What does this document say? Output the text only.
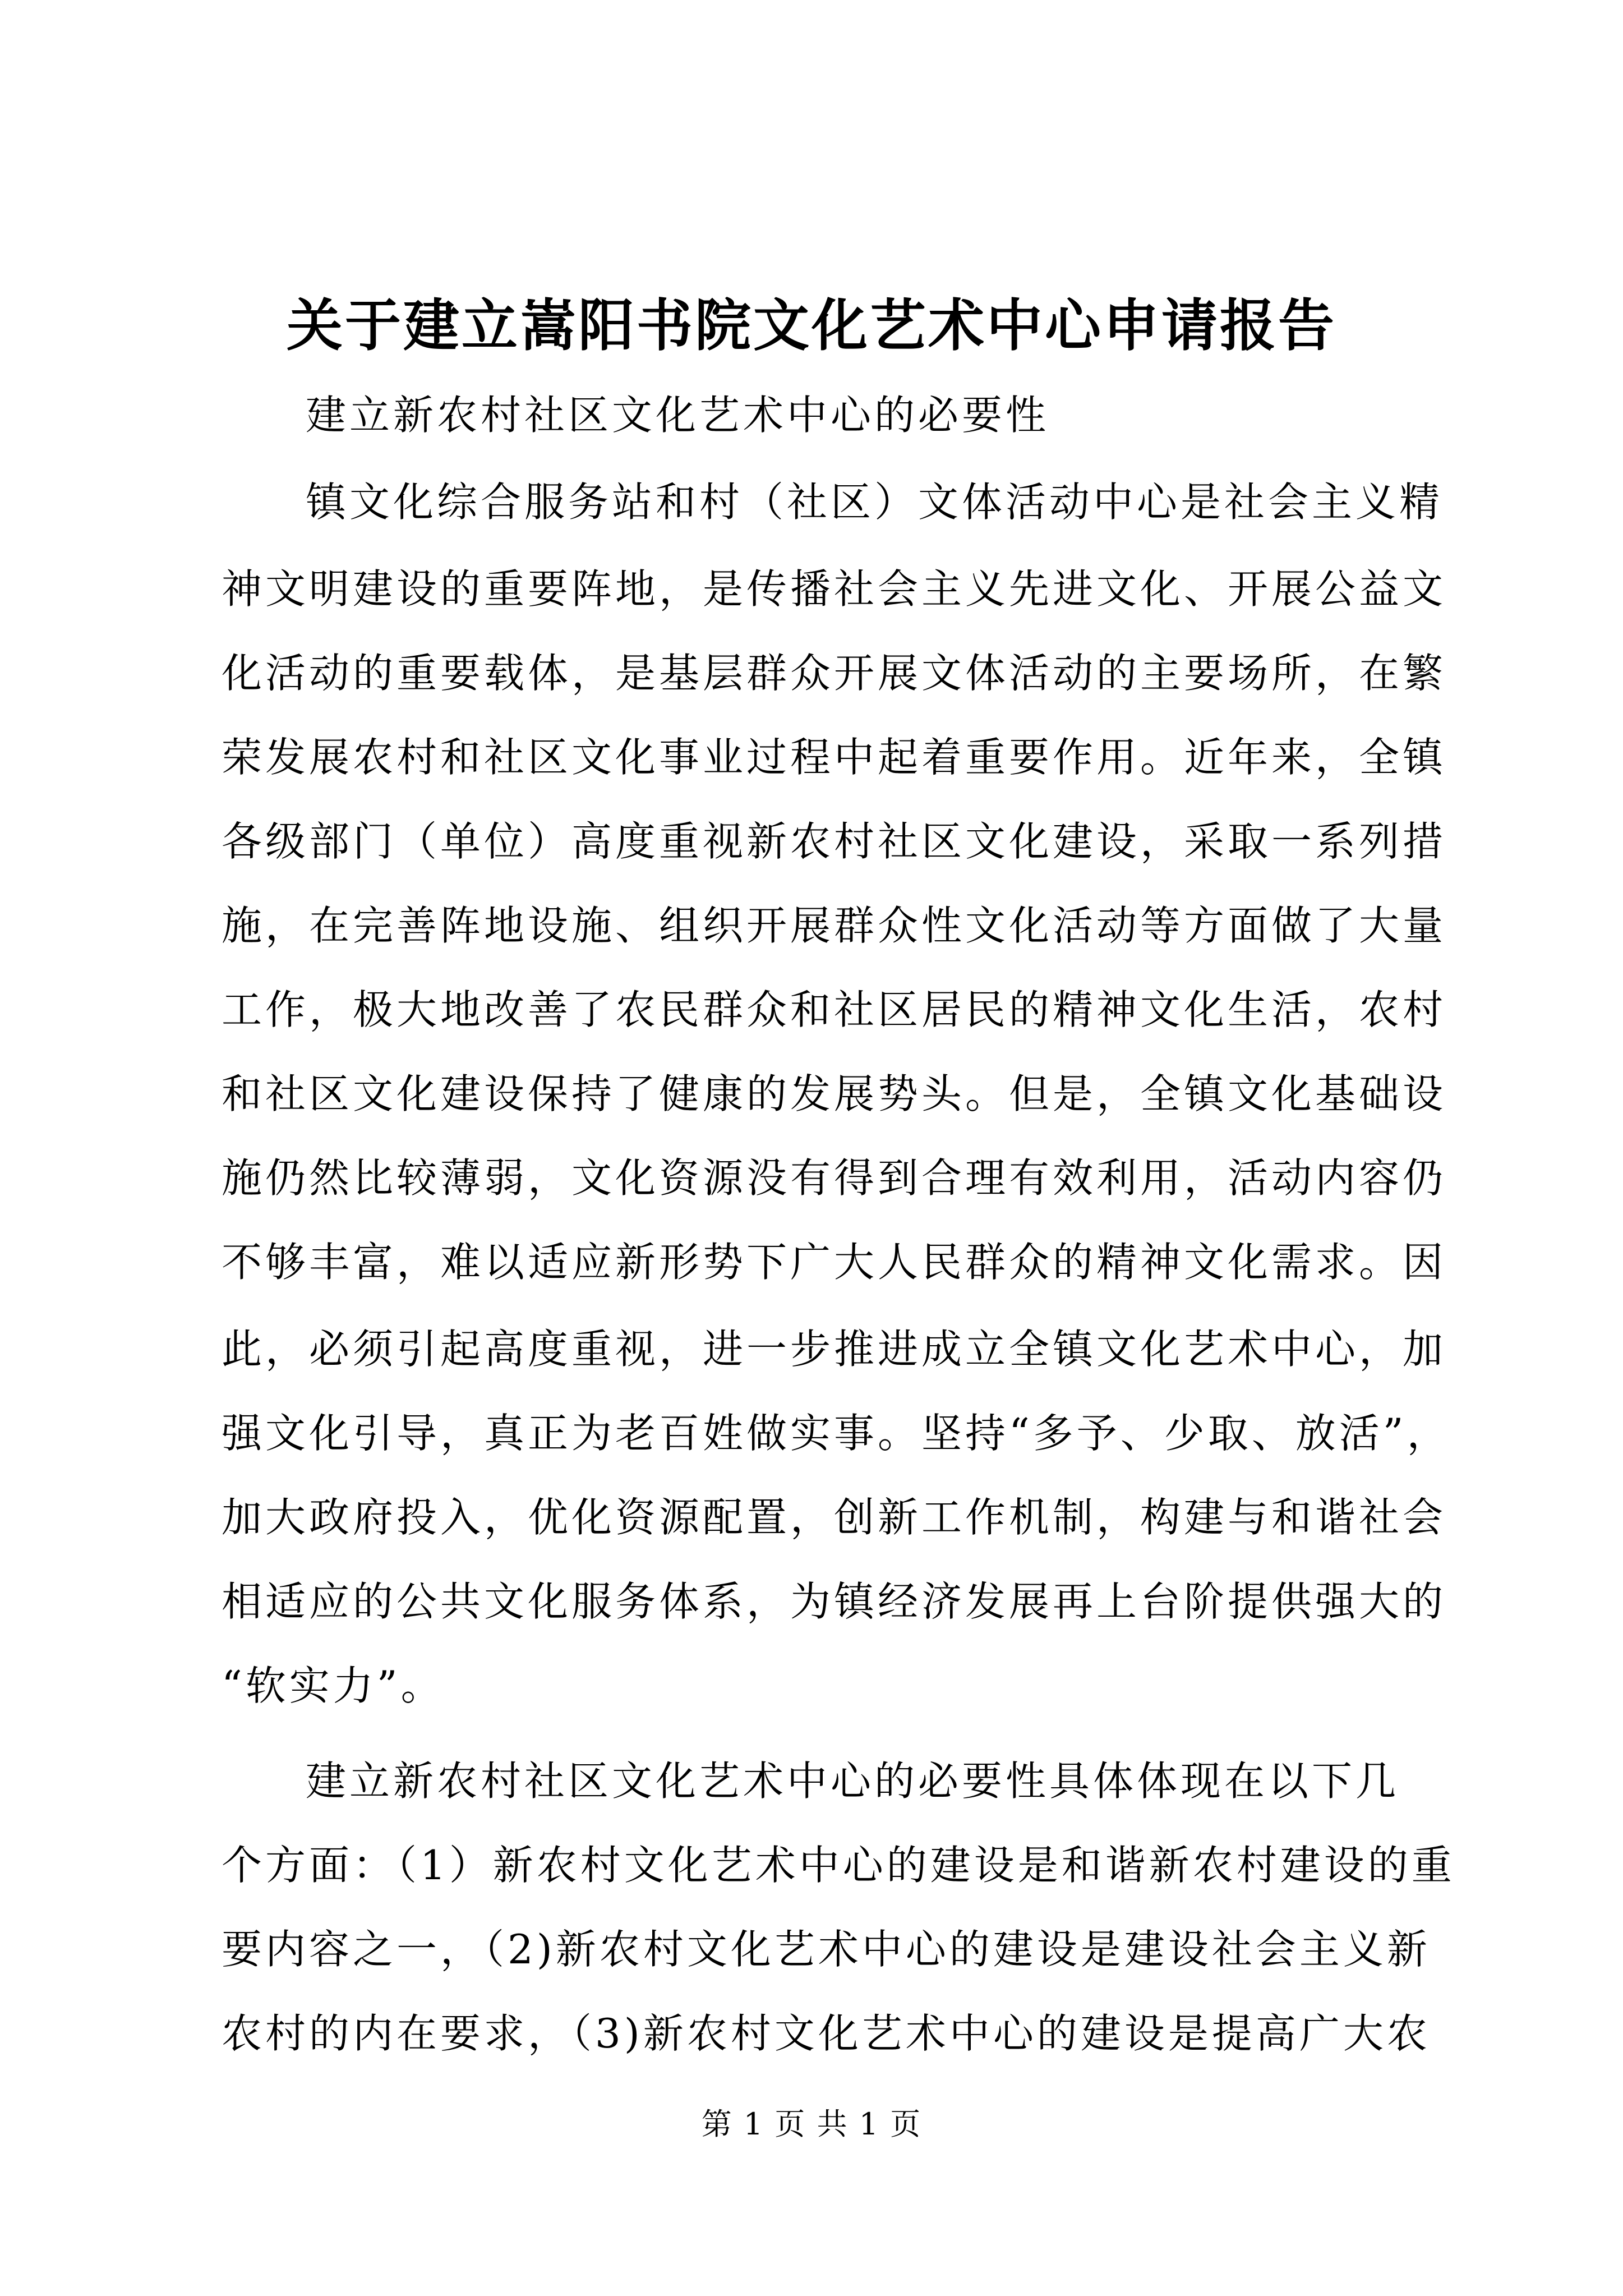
关于建立嵩阳书院文化艺术中心申请报告

建立新农村社区文化艺术中心的必要性

镇文化综合服务站和村（社区）文体活动中心是社会主义精

神文明建设的重要阵地，是传播社会主义先进文化、开展公益文

化活动的重要载体，是基层群众开展文体活动的主要场所，在繁

荣发展农村和社区文化事业过程中起着重要作用。近年来，全镇

各级部门（单位）高度重视新农村社区文化建设，采取一系列措

施，在完善阵地设施、组织开展群众性文化活动等方面做了大量

工作，极大地改善了农民群众和社区居民的精神文化生活，农村

和社区文化建设保持了健康的发展势头。但是，全镇文化基础设

施仍然比较薄弱，文化资源没有得到合理有效利用，活动内容仍

不够丰富，难以适应新形势下广大人民群众的精神文化需求。因

此，必须引起高度重视，进一步推进成立全镇文化艺术中心，加

强文化引导，真正为老百姓做实事。坚持“多予、少取、放活”，

加大政府投入，优化资源配置，创新工作机制，构建与和谐社会

相适应的公共文化服务体系，为镇经济发展再上台阶提供强大的

“软实力”。

建立新农村社区文化艺术中心的必要性具体体现在以下几

个方面：（1）新农村文化艺术中心的建设是和谐新农村建设的重

要内容之一，（2)新农村文化艺术中心的建设是建设社会主义新

农村的内在要求，（3)新农村文化艺术中心的建设是提高广大农

第 1 页 共 1 页
